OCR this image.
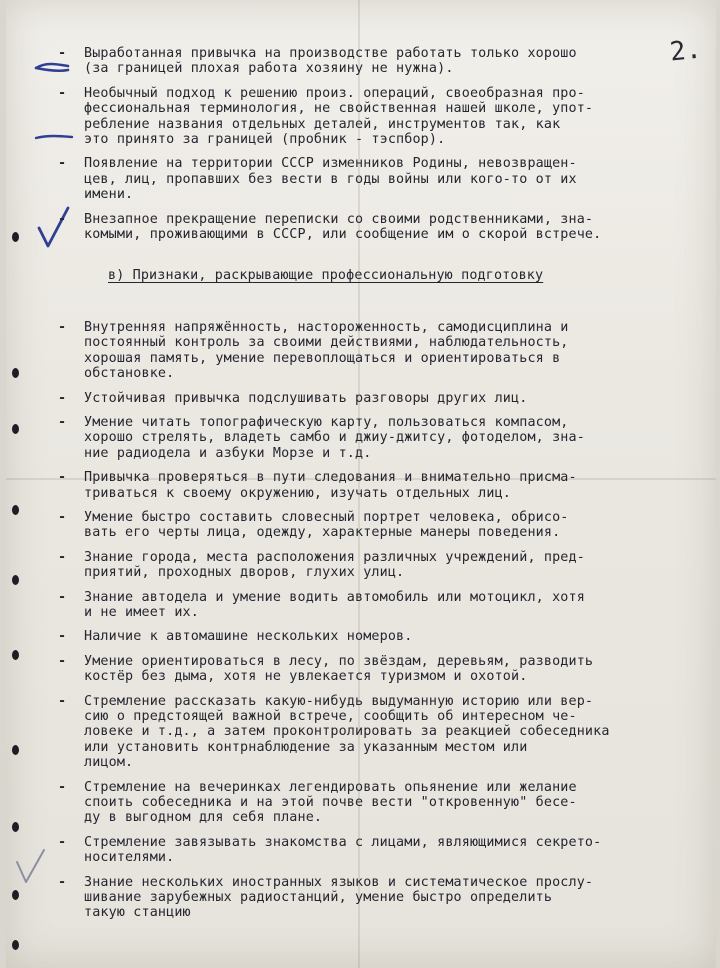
2.
-	Выработанная привычка на производстве работать только хорошо
(за границей плохая работа хозяину не нужна).
-	Необычный подход к решению произ. операций, своеобразная про-
фессиональная терминология, не свойственная нашей школе, упот-
ребление названия отдельных деталей, инструментов так, как
это принято за границей (пробник - тэспбор).
-	Появление на территории СССР изменников Родины, невозвращен-
цев, лиц, пропавших без вести в годы войны или кого-то от их
имени.
-	Внезапное прекращение переписки со своими родственниками, зна-
комыми, проживающими в СССР, или сообщение им о скорой встрече.
в) Признаки, раскрывающие профессиональную подготовку
-	Внутренняя напряжённость, настороженность, самодисциплина и
постоянный контроль за своими действиями, наблюдательность,
хорошая память, умение перевоплощаться и ориентироваться в
обстановке.
-	Устойчивая привычка подслушивать разговоры других лиц.
-	Умение читать топографическую карту, пользоваться компасом,
хорошо стрелять, владеть самбо и джиу-джитсу, фотоделом, зна-
ние радиодела и азбуки Морзе и т.д.
-	Привычка проверяться в пути следования и внимательно присма-
триваться к своему окружению, изучать отдельных лиц.
-	Умение быстро составить словесный портрет человека, обрисо-
вать его черты лица, одежду, характерные манеры поведения.
-	Знание города, места расположения различных учреждений, пред-
приятий, проходных дворов, глухих улиц.
-	Знание автодела и умение водить автомобиль или мотоцикл, хотя
и не имеет их.
-	Наличие к автомашине нескольких номеров.
-	Умение ориентироваться в лесу, по звёздам, деревьям, разводить
костёр без дыма, хотя не увлекается туризмом и охотой.
-	Стремление рассказать какую-нибудь выдуманную историю или вер-
сию о предстоящей важной встрече, сообщить об интересном че-
ловеке и т.д., а затем проконтролировать за реакцией собеседника
или установить контрнаблюдение за указанным местом или
лицом.
-	Стремление на вечеринках легендировать опьянение или желание
споить собеседника и на этой почве вести "откровенную" бесе-
ду в выгодном для себя плане.
-	Стремление завязывать знакомства с лицами, являющимися секрето-
носителями.
-	Знание нескольких иностранных языков и систематическое прослу-
шивание зарубежных радиостанций, умение быстро определить
такую станцию
